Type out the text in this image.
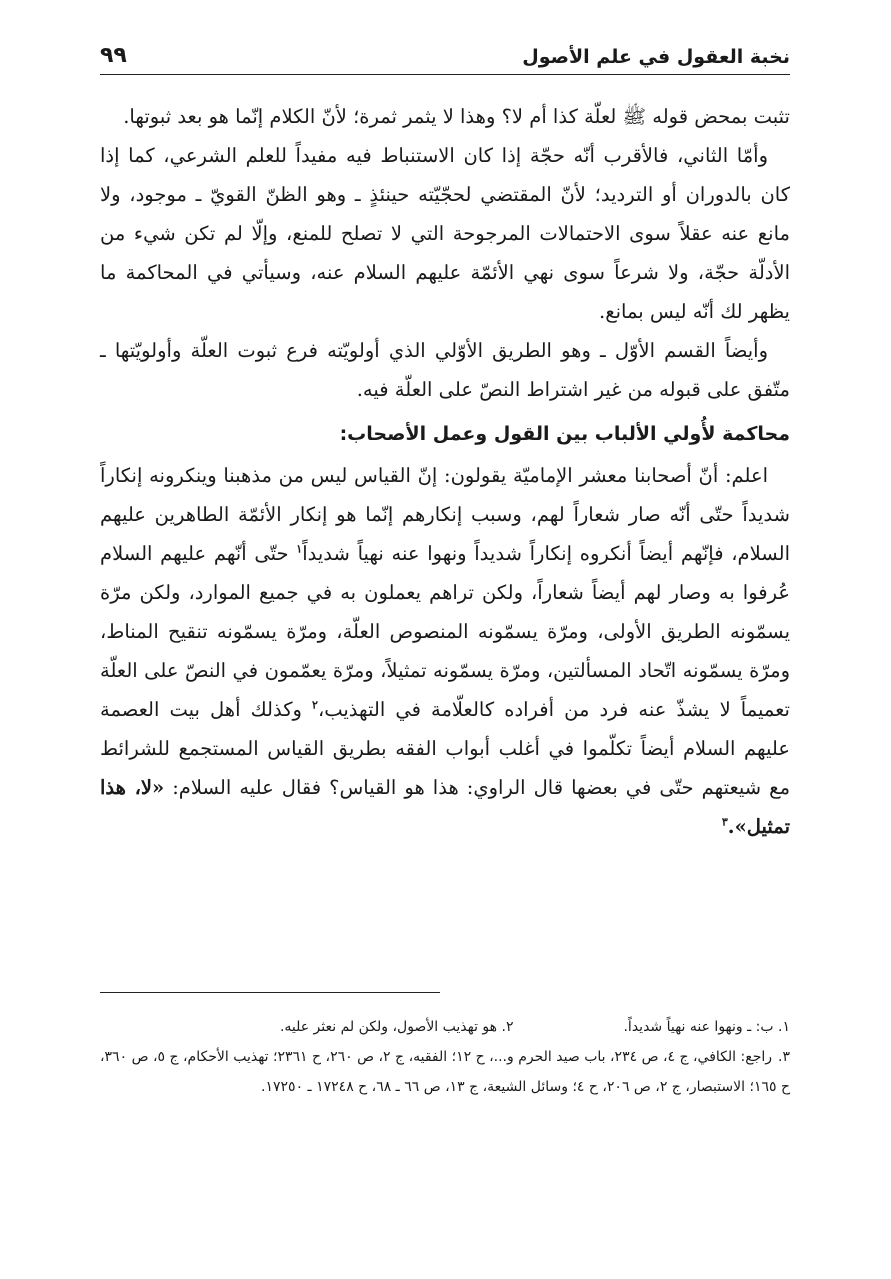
نخبة العقول في علم الأصول
٩٩

تثبت بمحض قوله ﷺ لعلّة كذا أم لا؟ وهذا لا يثمر ثمرة؛ لأنّ الكلام إنّما هو بعد ثبوتها.

وأمّا الثاني، فالأقرب أنّه حجّة إذا كان الاستنباط فيه مفيداً للعلم الشرعي، كما إذا كان بالدوران أو الترديد؛ لأنّ المقتضي لحجّيّته حينئذٍ ـ وهو الظنّ القويّ ـ موجود، ولا مانع عنه عقلاً سوى الاحتمالات المرجوحة التي لا تصلح للمنع، وإلّا لم تكن شيء من الأدلّة حجّة، ولا شرعاً سوى نهي الأئمّة عليهم السلام عنه، وسيأتي في المحاكمة ما يظهر لك أنّه ليس بمانع.

وأيضاً القسم الأوّل ـ وهو الطريق الأوّلي الذي أولويّته فرع ثبوت العلّة وأولويّتها ـ متّفق على قبوله من غير اشتراط النصّ على العلّة فيه.

محاكمة لأُولي الألباب بين القول وعمل الأصحاب:

اعلم: أنّ أصحابنا معشر الإماميّة يقولون: إنّ القياس ليس من مذهبنا وينكرونه إنكاراً شديداً حتّى أنّه صار شعاراً لهم، وسبب إنكارهم إنّما هو إنكار الأئمّة الطاهرين عليهم السلام، فإنّهم أيضاً أنكروه إنكاراً شديداً ونهوا عنه نهياً شديداً$^١$ حتّى أنّهم عليهم السلام عُرفوا به وصار لهم أيضاً شعاراً، ولكن تراهم يعملون به في جميع الموارد، ولكن مرّة يسمّونه الطريق الأولى، ومرّة يسمّونه المنصوص العلّة، ومرّة يسمّونه تنقيح المناط، ومرّة يسمّونه اتّحاد المسألتين، ومرّة يسمّونه تمثيلاً، ومرّة يعمّمون في النصّ على العلّة تعميماً لا يشذّ عنه فرد من أفراده كالعلّامة في التهذيب،$^٢$ وكذلك أهل بيت العصمة عليهم السلام أيضاً تكلّموا في أغلب أبواب الفقه بطريق القياس المستجمع للشرائط مع شيعتهم حتّى في بعضها قال الراوي: هذا هو القياس؟ فقال عليه السلام: «لا، هذا تمثيل».$^٣$

١. ب: ـ ونهوا عنه نهياً شديداً.
٢. هو تهذيب الأصول، ولكن لم نعثر عليه.
٣.راجع: الكافي، ج ٤، ص ٢٣٤، باب صيد الحرم و...، ح ١٢؛ الفقيه، ج ٢، ص ٢٦٠، ح ٢٣٦١؛ تهذيب الأحكام، ج ٥، ص ٣٦٠، ح ١٦٥؛ الاستبصار، ج ٢، ص ٢٠٦، ح ٤؛ وسائل الشيعة، ج ١٣، ص ٦٦ ـ ٦٨، ح ١٧٢٤٨ ـ ١٧٢٥٠.
